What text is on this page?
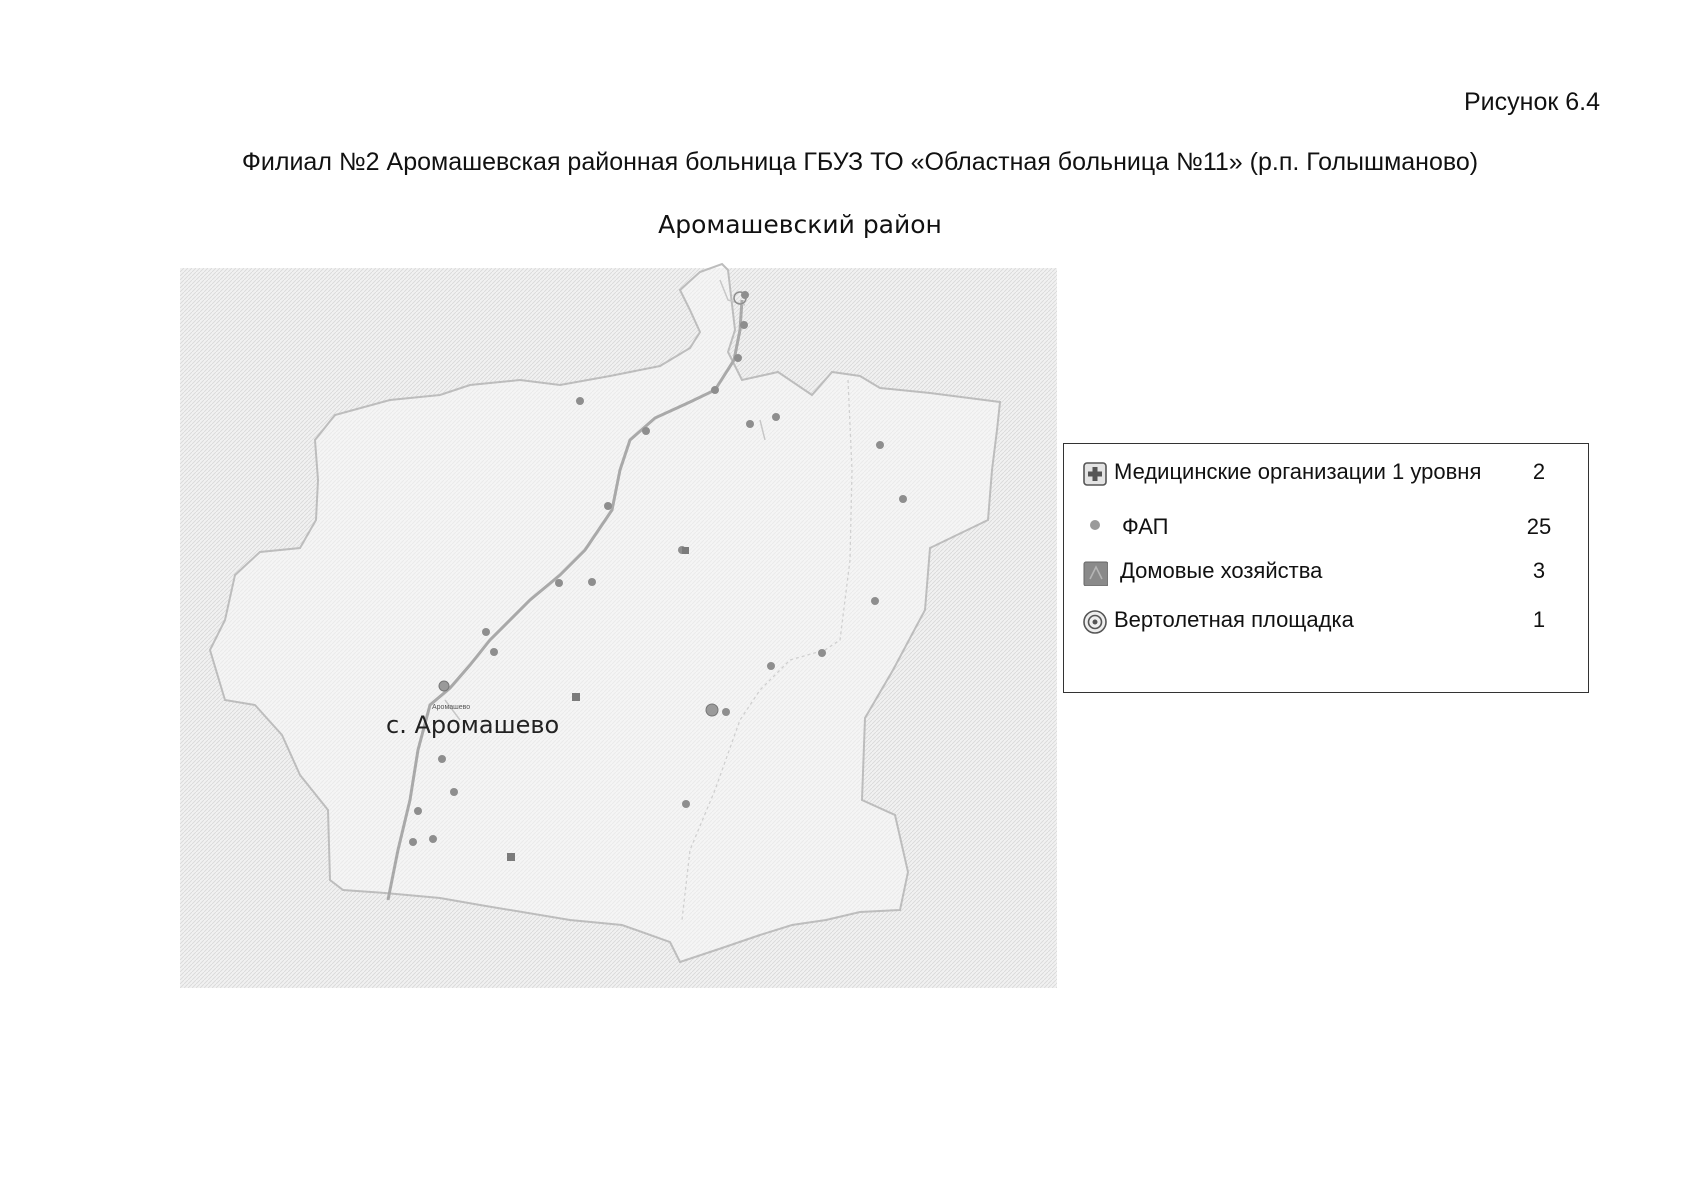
Рисунок 6.4
Филиал №2 Аромашевская районная больница ГБУЗ ТО «Областная больница №11» (р.п. Голышманово)
Аромашевский район
Аромашево
с. Аромашево
Медицинские организации 1 уровня	2
ФАП	25
Домовые хозяйства	3
Вертолетная площадка	1
